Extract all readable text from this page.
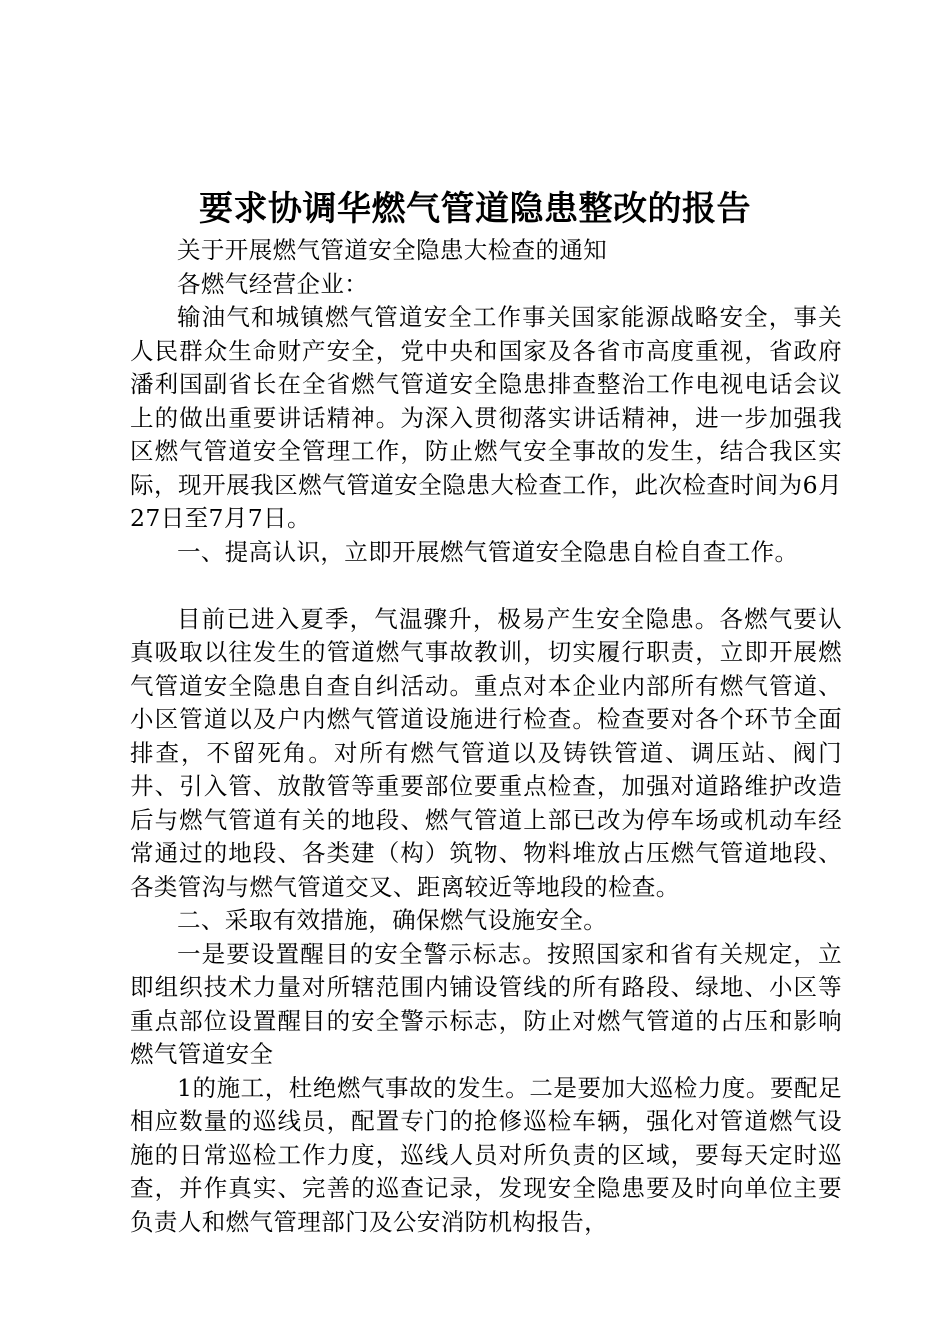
要求协调华燃气管道隐患整改的报告

关于开展燃气管道安全隐患大检查的通知

各燃气经营企业：

输油气和城镇燃气管道安全工作事关国家能源战略安全，事关人民群众生命财产安全，党中央和国家及各省市高度重视，省政府潘利国副省长在全省燃气管道安全隐患排查整治工作电视电话会议上的做出重要讲话精神。为深入贯彻落实讲话精神，进一步加强我区燃气管道安全管理工作，防止燃气安全事故的发生，结合我区实际，现开展我区燃气管道安全隐患大检查工作，此次检查时间为6月27日至7月7日。

一、提高认识，立即开展燃气管道安全隐患自检自查工作。

目前已进入夏季，气温骤升，极易产生安全隐患。各燃气要认真吸取以往发生的管道燃气事故教训，切实履行职责，立即开展燃气管道安全隐患自查自纠活动。重点对本企业内部所有燃气管道、小区管道以及户内燃气管道设施进行检查。检查要对各个环节全面排查，不留死角。对所有燃气管道以及铸铁管道、调压站、阀门井、引入管、放散管等重要部位要重点检查，加强对道路维护改造后与燃气管道有关的地段、燃气管道上部已改为停车场或机动车经常通过的地段、各类建（构）筑物、物料堆放占压燃气管道地段、各类管沟与燃气管道交叉、距离较近等地段的检查。

二、采取有效措施，确保燃气设施安全。

一是要设置醒目的安全警示标志。按照国家和省有关规定，立即组织技术力量对所辖范围内铺设管线的所有路段、绿地、小区等重点部位设置醒目的安全警示标志，防止对燃气管道的占压和影响燃气管道安全

1的施工，杜绝燃气事故的发生。二是要加大巡检力度。要配足相应数量的巡线员，配置专门的抢修巡检车辆，强化对管道燃气设施的日常巡检工作力度，巡线人员对所负责的区域，要每天定时巡查，并作真实、完善的巡查记录，发现安全隐患要及时向单位主要负责人和燃气管理部门及公安消防机构报告，
